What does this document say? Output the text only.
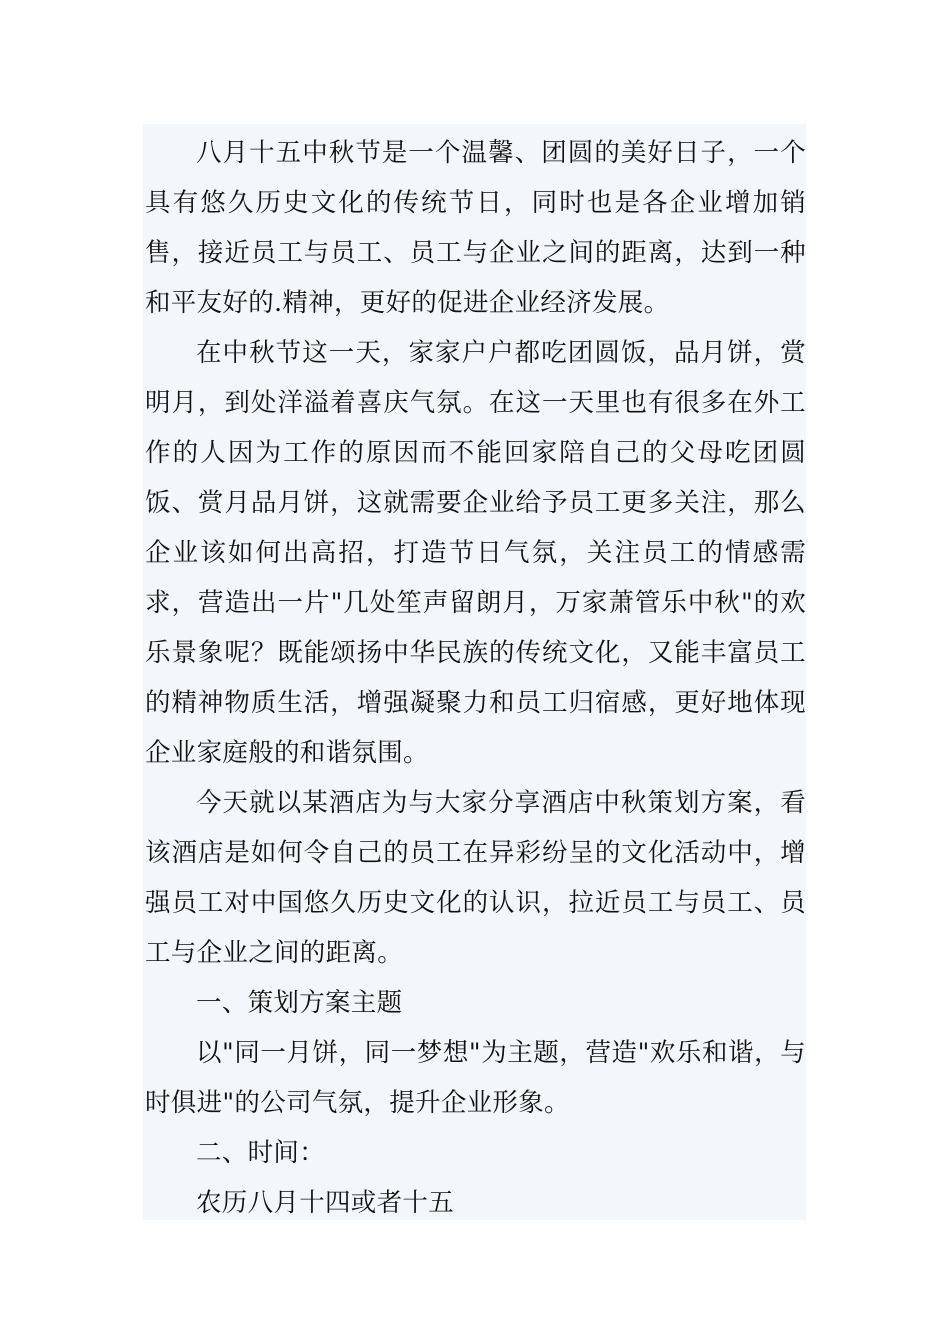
八月十五中秋节是一个温馨、团圆的美好日子，一个具有悠久历史文化的传统节日，同时也是各企业增加销售，接近员工与员工、员工与企业之间的距离，达到一种和平友好的.精神，更好的促进企业经济发展。

在中秋节这一天，家家户户都吃团圆饭，品月饼，赏明月，到处洋溢着喜庆气氛。在这一天里也有很多在外工作的人因为工作的原因而不能回家陪自己的父母吃团圆饭、赏月品月饼，这就需要企业给予员工更多关注，那么企业该如何出高招，打造节日气氛，关注员工的情感需求，营造出一片"几处笙声留朗月，万家萧管乐中秋"的欢乐景象呢？既能颂扬中华民族的传统文化，又能丰富员工的精神物质生活，增强凝聚力和员工归宿感，更好地体现企业家庭般的和谐氛围。

今天就以某酒店为与大家分享酒店中秋策划方案，看该酒店是如何令自己的员工在异彩纷呈的文化活动中，增强员工对中国悠久历史文化的认识，拉近员工与员工、员工与企业之间的距离。

一、策划方案主题

以"同一月饼，同一梦想"为主题，营造"欢乐和谐，与时俱进"的公司气氛，提升企业形象。

二、时间：

农历八月十四或者十五
